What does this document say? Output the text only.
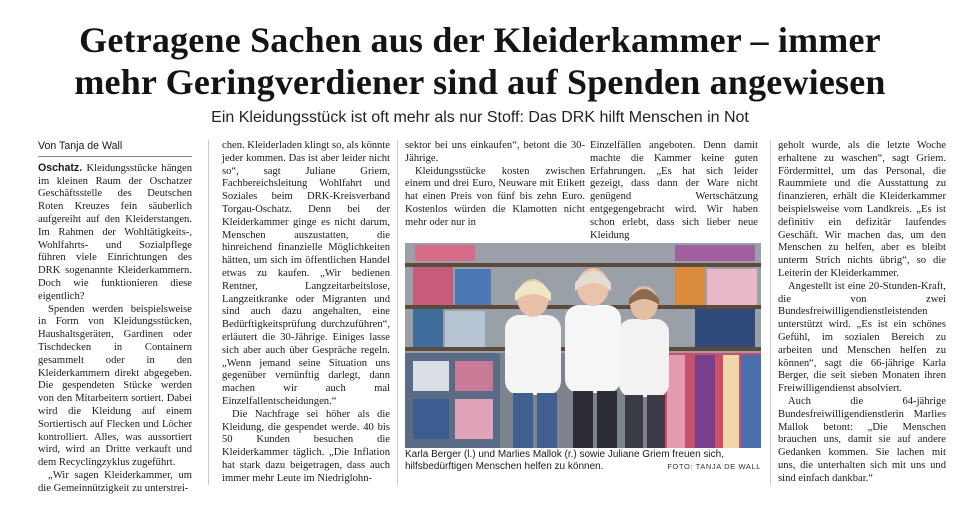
Getragene Sachen aus der Kleiderkammer – immer
mehr Geringverdiener sind auf Spenden angewiesen
Ein Kleidungsstück ist oft mehr als nur Stoff: Das DRK hilft Menschen in Not

Von Tanja de Wall

Oschatz. Kleidungsstücke hängen im kleinen Raum der Oschatzer Geschäftsstelle des Deutschen Roten Kreuzes fein säuberlich aufgereiht auf den Kleiderstangen. Im Rahmen der Wohltätigkeits-, Wohlfahrts- und Sozialpflege führen viele Einrichtungen des DRK sogenannte Kleiderkammern. Doch wie funktionieren diese eigentlich?

Spenden werden beispielsweise in Form von Kleidungsstücken, Haushaltsgeräten, Gardinen oder Tischdecken in Containern gesammelt oder in den Kleiderkammern direkt abgegeben. Die gespendeten Stücke werden von den Mitarbeitern sortiert. Dabei wird die Kleidung auf einem Sortiertisch auf Flecken und Löcher kontrolliert. Alles, was aussortiert wird, wird an Dritte verkauft und dem Recyclingzyklus zugeführt.

„Wir sagen Kleiderkammer, um die Gemeinnützigkeit zu unterstrei-

chen. Kleiderladen klingt so, als könnte jeder kommen. Das ist aber leider nicht so“, sagt Juliane Griem, Fachbereichsleitung Wohlfahrt und Soziales beim DRK-Kreisverband Torgau-Oschatz. Denn bei der Kleiderkammer ginge es nicht darum, Menschen auszustatten, die hinreichend finanzielle Möglichkeiten hätten, um sich im öffentlichen Handel etwas zu kaufen. „Wir bedienen Rentner, Langzeitarbeitslose, Langzeitkranke oder Migranten und sind auch dazu angehalten, eine Bedürftigkeitsprüfung durchzuführen“, erläutert die 30-Jährige. Einiges lasse sich aber auch über Gespräche regeln. „Wenn jemand seine Situation uns gegenüber vernünftig darlegt, dann machen wir auch mal Einzelfallentscheidungen.“

Die Nachfrage sei höher als die Kleidung, die gespendet werde. 40 bis 50 Kunden besuchen die Kleiderkammer täglich. „Die Inflation hat stark dazu beigetragen, dass auch immer mehr Leute im Niedriglohn-

sektor bei uns einkaufen“, betont die 30-Jährige.

Kleidungsstücke kosten zwischen einem und drei Euro, Neuware mit Etikett hat einen Preis von fünf bis zehn Euro. Kostenlos würden die Klamotten nicht mehr oder nur in

Einzelfällen angeboten. Denn damit machte die Kammer keine guten Erfahrungen. „Es hat sich leider gezeigt, dass dann der Ware nicht genügend Wertschätzung entgegengebracht wird. Wir haben schon erlebt, dass sich lieber neue Kleidung

geholt wurde, als die letzte Woche erhaltene zu waschen“, sagt Griem. Fördermittel, um das Personal, die Raummiete und die Ausstattung zu finanzieren, erhält die Kleiderkammer beispielsweise vom Landkreis. „Es ist definitiv ein defizitär laufendes Geschäft. Wir machen das, um den Menschen zu helfen, aber es bleibt unterm Strich nichts übrig“, so die Leiterin der Kleiderkammer.

Angestellt ist eine 20-Stunden-Kraft, die von zwei Bundesfreiwilligendienstleistenden unterstützt wird. „Es ist ein schönes Gefühl, im sozialen Bereich zu arbeiten und Menschen helfen zu können“, sagt die 66-jährige Karla Berger, die seit sieben Monaten ihren Freiwilligendienst absolviert.

Auch die 64-jährige Bundesfreiwilligendienstlerin Marlies Mallok betont: „Die Menschen brauchen uns, damit sie auf andere Gedanken kommen. Sie lachen mit uns, die unterhalten sich mit uns und sind einfach dankbar.“

Karla Berger (l.) und Marlies Mallok (r.) sowie Juliane Griem freuen sich, hilfsbedürftigen Menschen helfen zu können.	FOTO: TANJA DE WALL
